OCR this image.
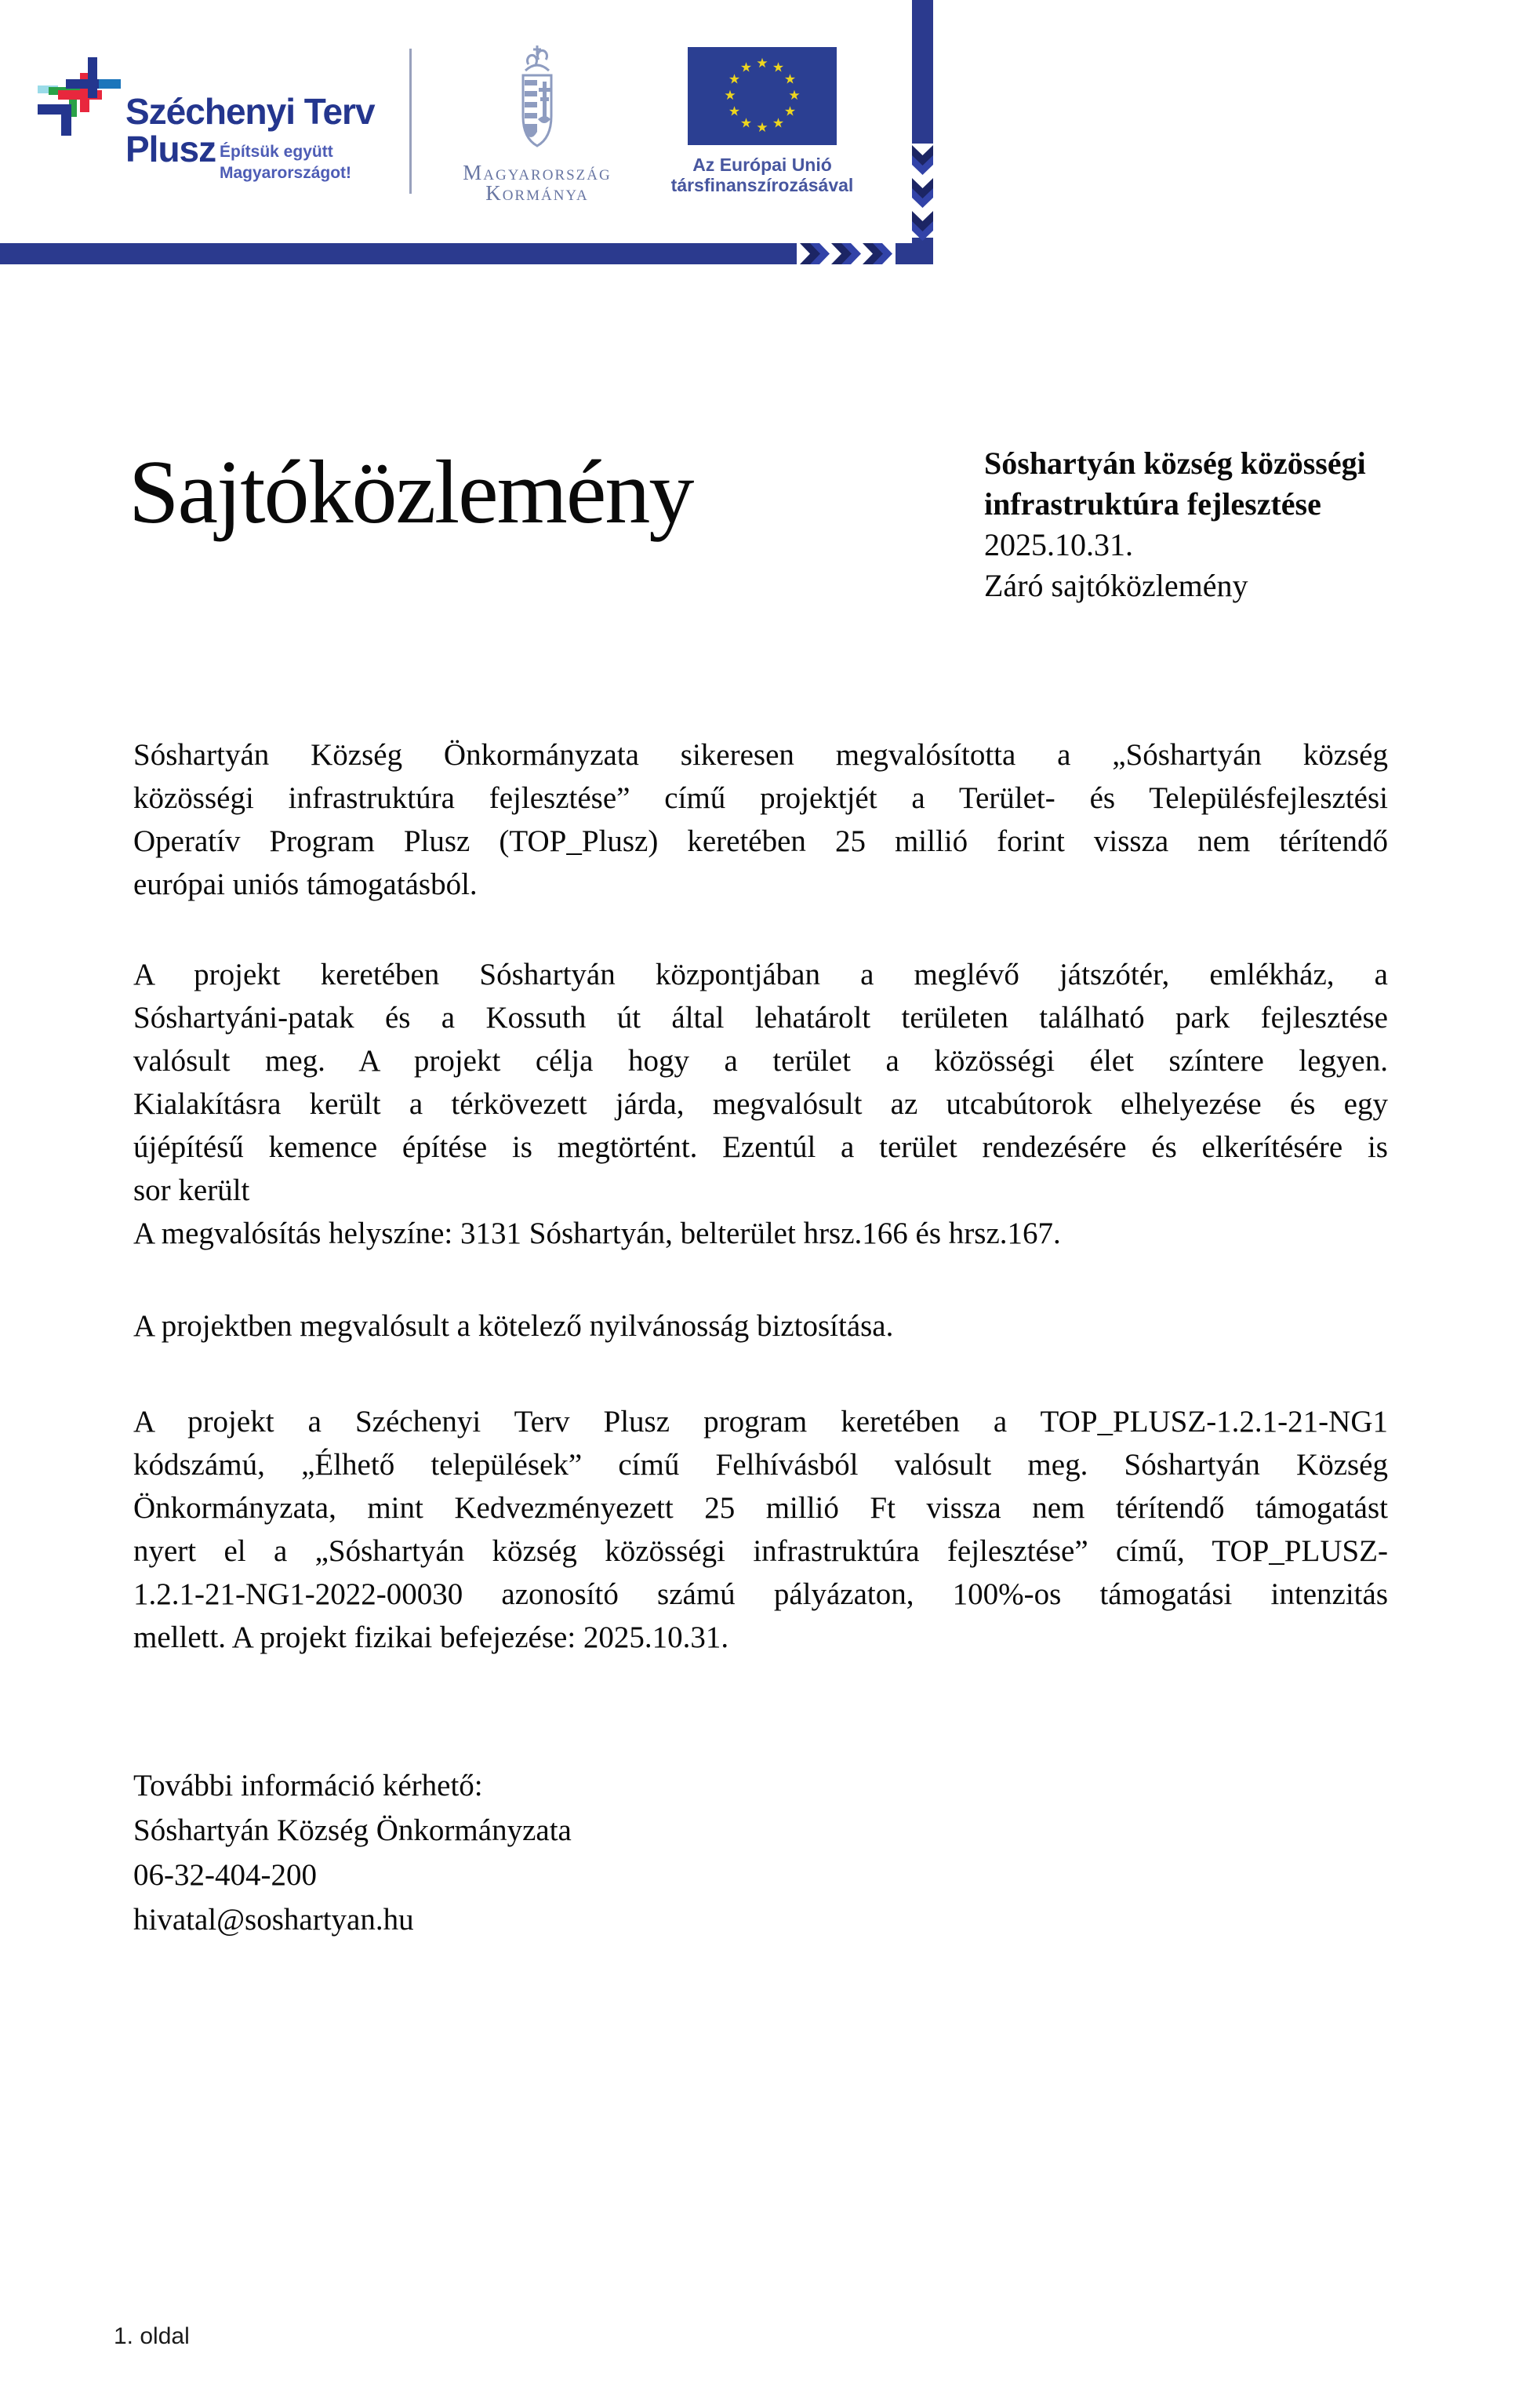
Széchenyi Terv
Plusz Építsük együtt
Magyarországot!	Magyarország
Kormánya
★ ★
★
★
★
★
★
★
★
★
★
★
Az Európai Unió
társfinanszírozásával
Sajtóközlemény	Sóshartyán község közösségi
infrastruktúra fejlesztése
2025.10.31.
Záró sajtóközlemény
Sóshartyán Község Önkormányzata sikeresen megvalósította a „Sóshartyán község
közösségi infrastruktúra fejlesztése” című projektjét a Terület- és Településfejlesztési
Operatív Program Plusz (TOP_Plusz) keretében 25 millió forint vissza nem térítendő
európai uniós támogatásból.
A projekt keretében Sóshartyán központjában a meglévő játszótér, emlékház, a
Sóshartyáni-patak és a Kossuth út által lehatárolt területen található park fejlesztése
valósult meg. A projekt célja hogy a terület a közösségi élet színtere legyen.
Kialakításra került a térkövezett járda, megvalósult az utcabútorok elhelyezése és egy
újépítésű kemence építése is megtörtént. Ezentúl a terület rendezésére és elkerítésére is
sor került
A megvalósítás helyszíne: 3131 Sóshartyán, belterület hrsz.166 és hrsz.167.
A projektben megvalósult a kötelező nyilvánosság biztosítása.
A projekt a Széchenyi Terv Plusz program keretében a TOP_PLUSZ-1.2.1-21-NG1
kódszámú, „Élhető települések” című Felhívásból valósult meg. Sóshartyán Község
Önkormányzata, mint Kedvezményezett 25 millió Ft vissza nem térítendő támogatást
nyert el a „Sóshartyán község közösségi infrastruktúra fejlesztése” című, TOP_PLUSZ-
1.2.1-21-NG1-2022-00030 azonosító számú pályázaton, 100%-os támogatási intenzitás
mellett. A projekt fizikai befejezése: 2025.10.31.
További információ kérhető:
Sóshartyán Község Önkormányzata
06-32-404-200
hivatal@soshartyan.hu
1. oldal
